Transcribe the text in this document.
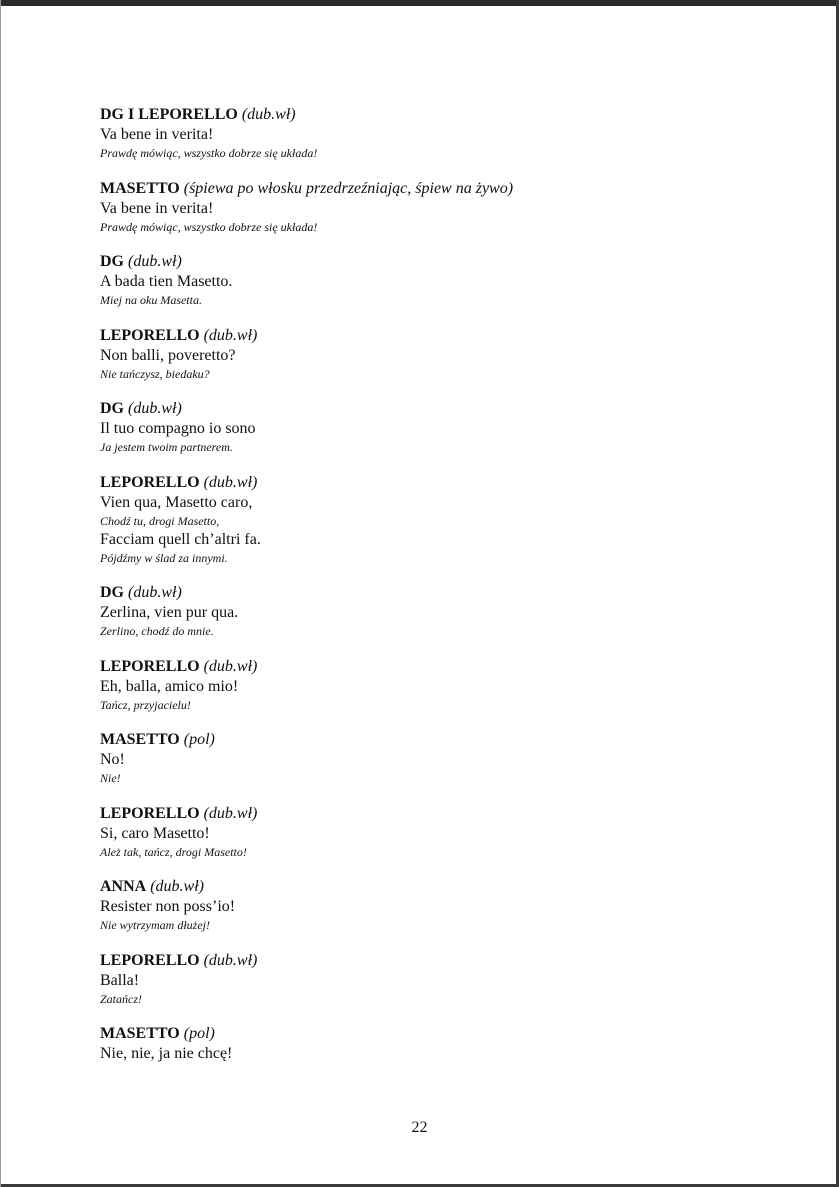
DG I LEPORELLO (dub.wł)
Va bene in verita!
Prawdę mówiąc, wszystko dobrze się układa!
MASETTO (śpiewa po włosku przedrzeźniając, śpiew na żywo)
Va bene in verita!
Prawdę mówiąc, wszystko dobrze się układa!
DG (dub.wł)
A bada tien Masetto.
Miej na oku Masetta.
LEPORELLO (dub.wł)
Non balli, poveretto?
Nie tańczysz, biedaku?
DG (dub.wł)
Il tuo compagno io sono
Ja jestem twoim partnerem.
LEPORELLO (dub.wł)
Vien qua, Masetto caro,
Chodź tu, drogi Masetto,
Facciam quell ch’altri fa.
Pójdźmy w ślad za innymi.
DG (dub.wł)
Zerlina, vien pur qua.
Zerlino, chodź do mnie.
LEPORELLO (dub.wł)
Eh, balla, amico mio!
Tańcz, przyjacielu!
MASETTO (pol)
No!
Nie!
LEPORELLO (dub.wł)
Si, caro Masetto!
Ależ tak, tańcz, drogi Masetto!
ANNA (dub.wł)
Resister non poss’io!
Nie wytrzymam dłużej!
LEPORELLO (dub.wł)
Balla!
Zatańcz!
MASETTO (pol)
Nie, nie, ja nie chcę!
22
